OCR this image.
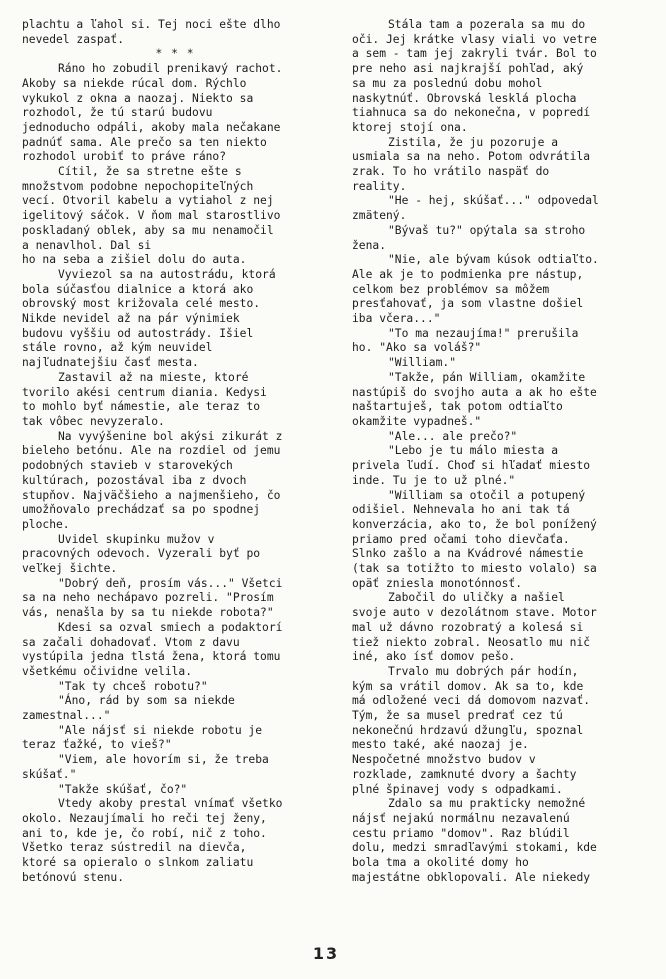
plachtu a ľahol si. Tej noci ešte dlho
nevedel zaspať.

* * *

Ráno ho zobudil prenikavý rachot.
Akoby sa niekde rúcal dom. Rýchlo
vykukol z okna a naozaj. Niekto sa
rozhodol, že tú starú budovu
jednoducho odpáli, akoby mala nečakane
padnúť sama. Ale prečo sa ten niekto
rozhodol urobiť to práve ráno?

Cítil, že sa stretne ešte s
množstvom podobne nepochopiteľných
vecí. Otvoril kabelu a vytiahol z nej
igelitový sáčok. V ňom mal starostlivo
poskladaný oblek, aby sa mu nenamočil
a nenavlhol. Dal si
ho na seba a zišiel dolu do auta.

Vyviezol sa na autostrádu, ktorá
bola súčasťou dialnice a ktorá ako
obrovský most križovala celé mesto.
Nikde nevidel až na pár výnimiek
budovu vyššiu od autostrády. Išiel
stále rovno, až kým neuvidel
najľudnatejšiu časť mesta.

Zastavil až na mieste, ktoré
tvorilo akési centrum diania. Kedysi
to mohlo byť námestie, ale teraz to
tak vôbec nevyzeralo.

Na vyvýšenine bol akýsi zikurát z
bieleho betónu. Ale na rozdiel od jemu
podobných stavieb v starovekých
kultúrach, pozostával iba z dvoch
stupňov. Najväčšieho a najmenšieho, čo
umožňovalo prechádzať sa po spodnej
ploche.

Uvidel skupinku mužov v
pracovných odevoch. Vyzerali byť po
veľkej šichte.

"Dobrý deň, prosím vás..." Všetci
sa na neho nechápavo pozreli. "Prosím
vás, nenašla by sa tu niekde robota?"

Kdesi sa ozval smiech a podaktorí
sa začali dohadovať. Vtom z davu
vystúpila jedna tlstá žena, ktorá tomu
všetkému očividne velila.

"Tak ty chceš robotu?"

"Áno, rád by som sa niekde
zamestnal..."

"Ale nájsť si niekde robotu je
teraz ťažké, to vieš?"

"Viem, ale hovorím si, že treba
skúšať."

"Takže skúšať, čo?"

Vtedy akoby prestal vnímať všetko
okolo. Nezaujímali ho reči tej ženy,
ani to, kde je, čo robí, nič z toho.
Všetko teraz sústredil na dievča,
ktoré sa opieralo o slnkom zaliatu
betónovú stenu.

Stála tam a pozerala sa mu do
oči. Jej krátke vlasy viali vo vetre
a sem - tam jej zakryli tvár. Bol to
pre neho asi najkrajší pohľad, aký
sa mu za poslednú dobu mohol
naskytnúť. Obrovská lesklá plocha
tiahnuca sa do nekonečna, v popredí
ktorej stojí ona.

Zistila, že ju pozoruje a
usmiala sa na neho. Potom odvrátila
zrak. To ho vrátilo naspäť do
reality.

"He - hej, skúšať..." odpovedal
zmätený.

"Bývaš tu?" opýtala sa stroho
žena.

"Nie, ale bývam kúsok odtiaľto.
Ale ak je to podmienka pre nástup,
celkom bez problémov sa môžem
presťahovať, ja som vlastne došiel
iba včera..."

"To ma nezaujíma!" prerušila
ho. "Ako sa voláš?"

"William."

"Takže, pán William, okamžite
nastúpiš do svojho auta a ak ho ešte
naštartuješ, tak potom odtiaľto
okamžite vypadneš."

"Ale... ale prečo?"

"Lebo je tu málo miesta a
privela ľudí. Choď si hľadať miesto
inde. Tu je to už plné."

"William sa otočil a potupený
odišiel. Nehnevala ho ani tak tá
konverzácia, ako to, že bol ponížený
priamo pred očami toho dievčaťa.
Slnko zašlo a na Kvádrové námestie
(tak sa totižto to miesto volalo) sa
opäť zniesla monotónnosť.

Zabočil do uličky a našiel
svoje auto v dezolátnom stave. Motor
mal už dávno rozobratý a kolesá si
tiež niekto zobral. Neosatlo mu nič
iné, ako ísť domov pešo.

Trvalo mu dobrých pár hodín,
kým sa vrátil domov. Ak sa to, kde
má odložené veci dá domovom nazvať.
Tým, že sa musel predrať cez tú
nekonečnú hrdzavú džungľu, spoznal
mesto také, aké naozaj je.
Nespočetné množstvo budov v
rozklade, zamknuté dvory a šachty
plné špinavej vody s odpadkami.

Zdalo sa mu prakticky nemožné
nájsť nejakú normálnu nezavalenú
cestu priamo "domov". Raz blúdil
dolu, medzi smradľavými stokami, kde
bola tma a okolité domy ho
majestátne obklopovali. Ale niekedy

13
